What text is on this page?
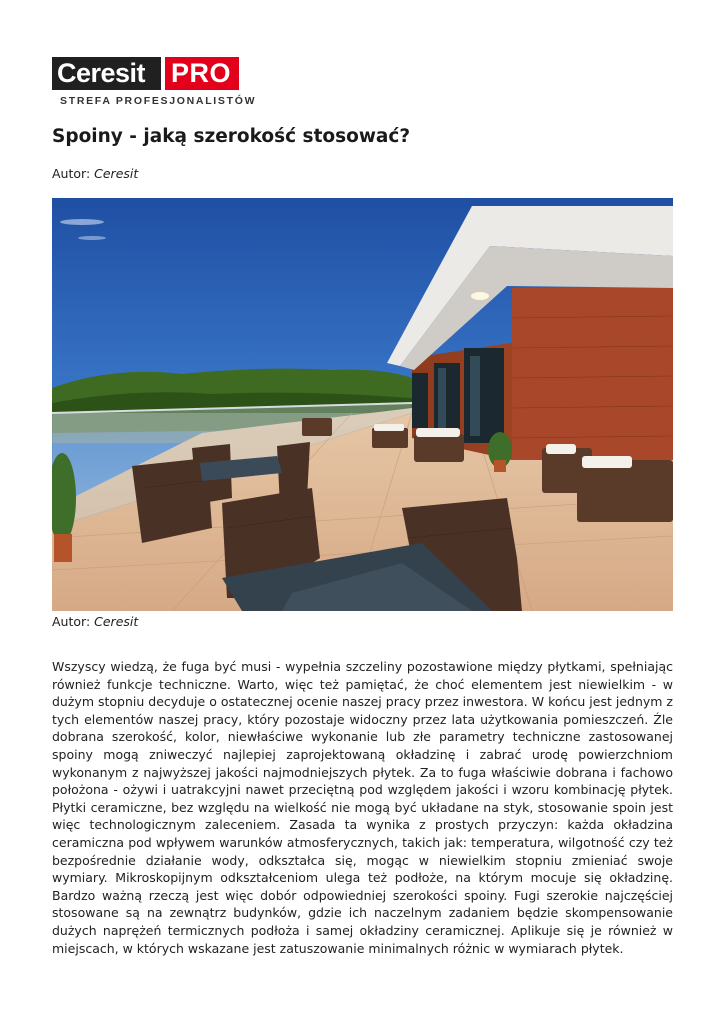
Ceresit PRO
STREFA PROFESJONALISTÓW
Spoiny - jaką szerokość stosować?
Autor: Ceresit
Autor: Ceresit

Wszyscy wiedzą, że fuga być musi - wypełnia szczeliny pozostawione między płytkami, spełniając również funkcje techniczne. Warto, więc też pamiętać, że choć elementem jest niewielkim - w dużym stopniu decyduje o ostatecznej ocenie naszej pracy przez inwestora. W końcu jest jednym z tych elementów naszej pracy, który pozostaje widoczny przez lata użytkowania pomieszczeń. Źle dobrana szerokość, kolor, niewłaściwe wykonanie lub złe parametry techniczne zastosowanej spoiny mogą zniweczyć najlepiej zaprojektowaną okładzinę i zabrać urodę powierzchniom wykonanym z najwyższej jakości najmodniejszych płytek. Za to fuga właściwie dobrana i fachowo położona - ożywi i uatrakcyjni nawet przeciętną pod względem jakości i wzoru kombinację płytek. Płytki ceramiczne, bez względu na wielkość nie mogą być układane na styk, stosowanie spoin jest więc technologicznym zaleceniem. Zasada ta wynika z prostych przyczyn: każda okładzina ceramiczna pod wpływem warunków atmosferycznych, takich jak: temperatura, wilgotność czy też bezpośrednie działanie wody, odkształca się, mogąc w niewielkim stopniu zmieniać swoje wymiary. Mikroskopijnym odkształceniom ulega też podłoże, na którym mocuje się okładzinę. Bardzo ważną rzeczą jest więc dobór odpowiedniej szerokości spoiny. Fugi szerokie najczęściej stosowane są na zewnątrz budynków, gdzie ich naczelnym zadaniem będzie skompensowanie dużych naprężeń termicznych podłoża i samej okładziny ceramicznej. Aplikuje się je również w miejscach, w których wskazane jest zatuszowanie minimalnych różnic w wymiarach płytek.
